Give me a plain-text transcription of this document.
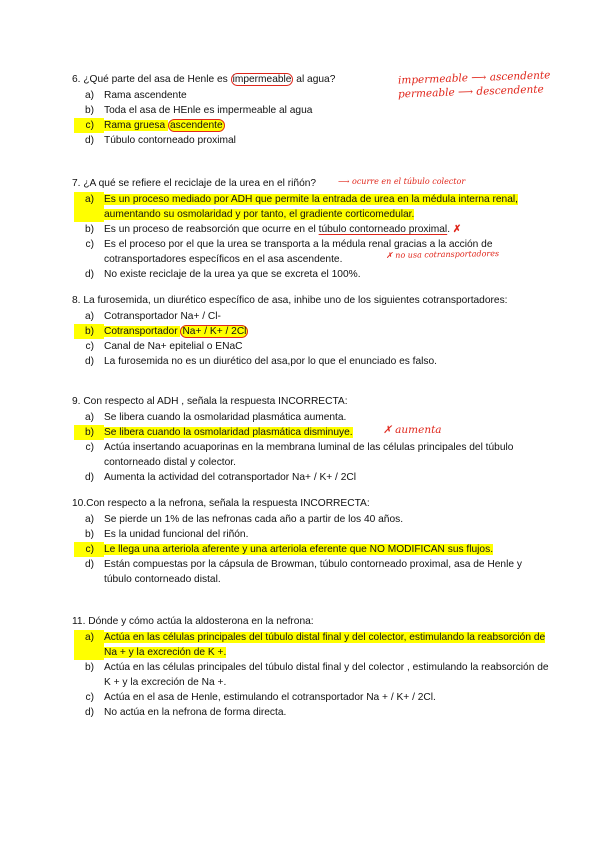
6. ¿Qué parte del asa de Henle es impermeable al agua?

a) Rama ascendente
b) Toda el asa de HEnle es impermeable al agua
c) Rama gruesa ascendente
d) Túbulo contorneado proximal
impermeable ⟶ ascendente
permeable ⟶ descendente

7. ¿A qué se refiere el reciclaje de la urea en el riñón?

a) Es un proceso mediado por ADH que permite la entrada de urea en la médula interna renal, aumentando su osmolaridad y por tanto, el gradiente corticomedular.
b) Es un proceso de reabsorción que ocurre en el túbulo contorneado proximal. ✗
c) Es el proceso por el que la urea se transporta a la médula renal gracias a la acción de cotransportadores específicos en el asa ascendente.
d) No existe reciclaje de la urea ya que se excreta el 100%.
⟶ ocurre en el túbulo colector
✗ no usa cotransportadores

8. La furosemida, un diurético específico de asa, inhibe uno de los siguientes cotransportadores:

a) Cotransportador Na+ / Cl-
b) Cotransportador Na+ / K+ / 2Cl
c) Canal de Na+ epitelial o ENaC
d) La furosemida no es un diurético del asa,por lo que el enunciado es falso.

9. Con respecto al ADH , señala la respuesta INCORRECTA:

a) Se libera cuando la osmolaridad plasmática aumenta.
b) Se libera cuando la osmolaridad plasmática disminuye.
c) Actúa insertando acuaporinas en la membrana luminal de las células principales del túbulo contorneado distal y colector.
d) Aumenta la actividad del cotransportador Na+ / K+ / 2Cl
✗ aumenta

10.Con respecto a la nefrona, señala la respuesta INCORRECTA:

a) Se pierde un 1% de las nefronas cada año a partir de los 40 años.
b) Es la unidad funcional del riñón.
c) Le llega una arteriola aferente y una arteriola eferente que NO MODIFICAN sus flujos.
d) Están compuestas por la cápsula de Browman, túbulo contorneado proximal, asa de Henle y túbulo contorneado distal.

11. Dónde y cómo actúa la aldosterona en la nefrona:

a) Actúa en las células principales del túbulo distal final y del colector, estimulando la reabsorción de Na + y la excreción de K +.
b) Actúa en las células principales del túbulo distal final y del colector , estimulando la reabsorción de K + y la excreción de Na +.
c) Actúa en el asa de Henle, estimulando el cotransportador Na + / K+ / 2Cl.
d) No actúa en la nefrona de forma directa.
